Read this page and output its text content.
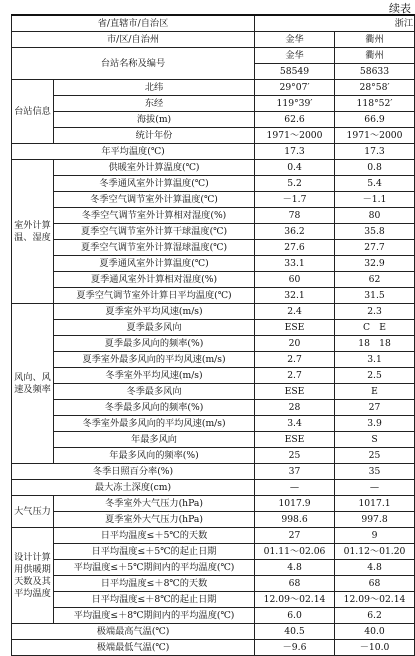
续表
省/直辖市/自治区		浙江	
市/区/自治州		金华	衢州
台站名称及编号		金华	衢州
		58549	58633
台站信息	北纬	29°07′	28°58′
	东经	119°39′	118°52′
	海拔(m)	62.6	66.9
	统计年份	1971～2000	1971～2000
年平均温度(℃)		17.3	17.3
室外计算温、湿度	供暖室外计算温度(℃)	0.4	0.8
	冬季通风室外计算温度(℃)	5.2	5.4
	冬季空气调节室外计算温度(℃)	－1.7	－1.1
	冬季空气调节室外计算相对湿度(%)	78	80
	夏季空气调节室外计算干球温度(℃)	36.2	35.8
	夏季空气调节室外计算湿球温度(℃)	27.6	27.7
	夏季通风室外计算温度(℃)	33.1	32.9
	夏季通风室外计算相对湿度(%)	60	62
	夏季空气调节室外计算日平均温度(℃)	32.1	31.5
风向、风速及频率	夏季室外平均风速(m/s)	2.4	2.3
	夏季最多风向	ESE	C　E
	夏季最多风向的频率(%)	20	18　18
	夏季室外最多风向的平均风速(m/s)	2.7	3.1
	冬季室外平均风速(m/s)	2.7	2.5
	冬季最多风向	ESE	E
	冬季最多风向的频率(%)	28	27
	冬季室外最多风向的平均风速(m/s)	3.4	3.9
	年最多风向	ESE	S
	年最多风向的频率(%)	25	25
冬季日照百分率(%)		37	35
最大冻土深度(cm)		—	—
大气压力	冬季室外大气压力(hPa)	1017.9	1017.1
	夏季室外大气压力(hPa)	998.6	997.8
设计计算用供暖期天数及其平均温度	日平均温度≤＋5℃的天数	27	9
	日平均温度≤＋5℃的起止日期	01.11～02.06	01.12～01.20
	平均温度≤＋5℃期间内的平均温度(℃)	4.8	4.8
	日平均温度≤＋8℃的天数	68	68
	日平均温度≤＋8℃的起止日期	12.09～02.14	12.09～02.14
	平均温度≤＋8℃期间内的平均温度(℃)	6.0	6.2
极端最高气温(℃)		40.5	40.0
极端最低气温(℃)		－9.6	－10.0
